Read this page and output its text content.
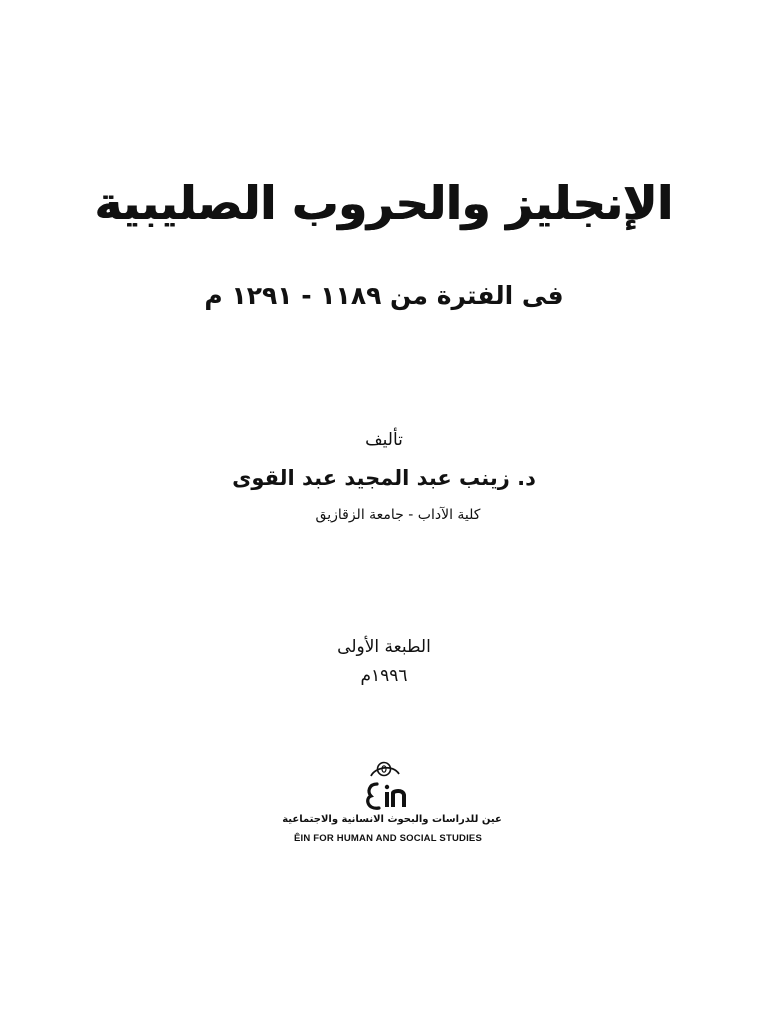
الإنجليز والحروب الصليبية
فى الفترة من ١١٨٩ - ١٢٩١ م
تأليف
د. زينب عبد المجيد عبد القوى
كلية الآداب - جامعة الزقازيق
الطبعة الأولى
١٩٩٦م
عين للدراسات والبحوث الانسانية والاجتماعية
ÊIN FOR HUMAN AND SOCIAL STUDIES
